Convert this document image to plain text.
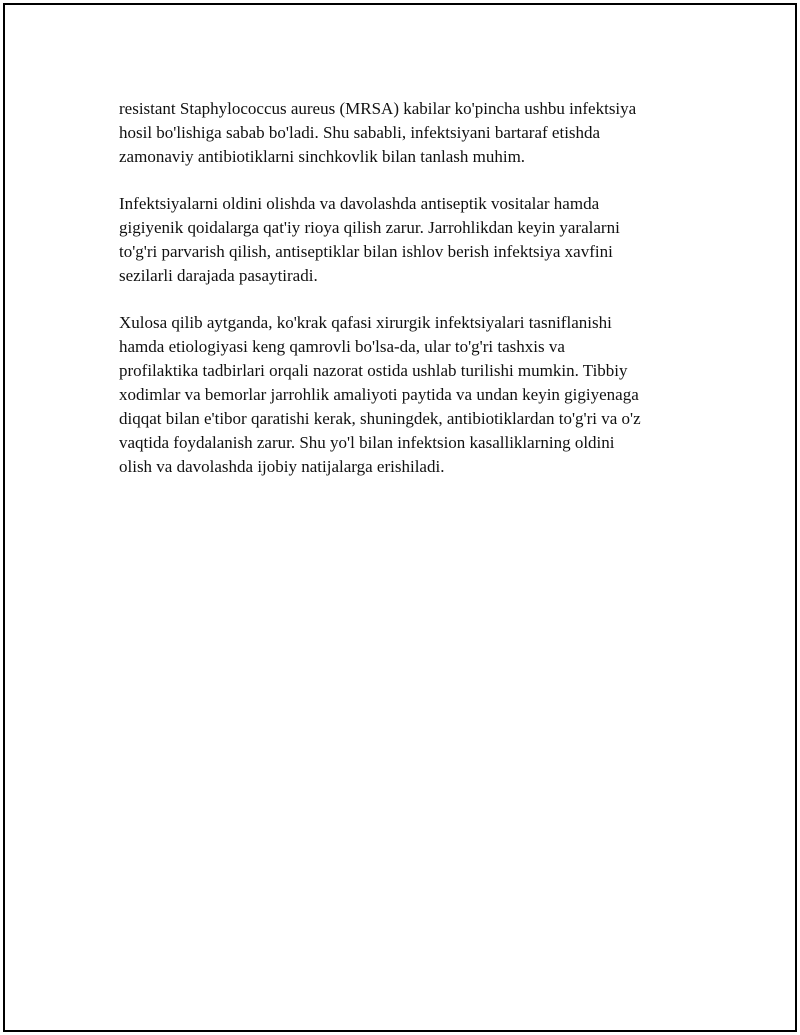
resistant Staphylococcus aureus (MRSA) kabilar ko'pincha ushbu infektsiya
hosil bo'lishiga sabab bo'ladi. Shu sababli, infektsiyani bartaraf etishda
zamonaviy antibiotiklarni sinchkovlik bilan tanlash muhim.

Infektsiyalarni oldini olishda va davolashda antiseptik vositalar hamda
gigiyenik qoidalarga qat'iy rioya qilish zarur. Jarrohlikdan keyin yaralarni
to'g'ri parvarish qilish, antiseptiklar bilan ishlov berish infektsiya xavfini
sezilarli darajada pasaytiradi.

Xulosa qilib aytganda, ko'krak qafasi xirurgik infektsiyalari tasniflanishi
hamda etiologiyasi keng qamrovli bo'lsa-da, ular to'g'ri tashxis va
profilaktika tadbirlari orqali nazorat ostida ushlab turilishi mumkin. Tibbiy
xodimlar va bemorlar jarrohlik amaliyoti paytida va undan keyin gigiyenaga
diqqat bilan e'tibor qaratishi kerak, shuningdek, antibiotiklardan to'g'ri va o'z
vaqtida foydalanish zarur. Shu yo'l bilan infektsion kasalliklarning oldini
olish va davolashda ijobiy natijalarga erishiladi.
